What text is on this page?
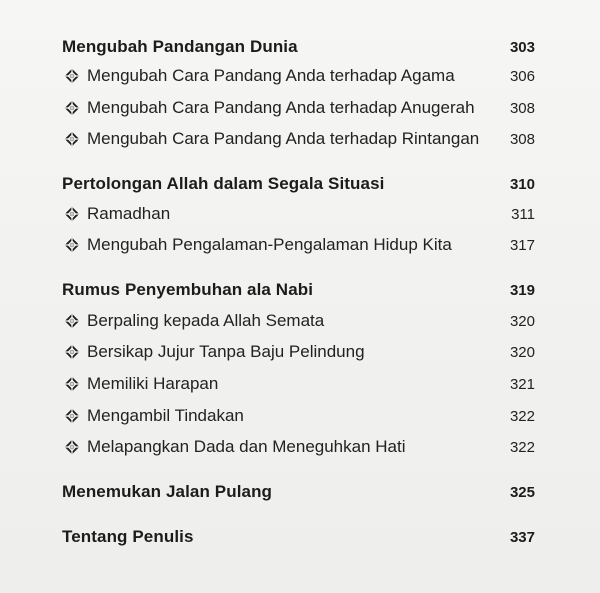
Mengubah Pandangan Dunia	303
Mengubah Cara Pandang Anda terhadap Agama	306
Mengubah Cara Pandang Anda terhadap Anugerah 308
Mengubah Cara Pandang Anda terhadap Rintangan 308
Pertolongan Allah dalam Segala Situasi	310
Ramadhan	311
Mengubah Pengalaman-Pengalaman Hidup Kita	317
Rumus Penyembuhan ala Nabi	319
Berpaling kepada Allah Semata	320
Bersikap Jujur Tanpa Baju Pelindung	320
Memiliki Harapan	321
Mengambil Tindakan	322
Melapangkan Dada dan Meneguhkan Hati	322
Menemukan Jalan Pulang	325
Tentang Penulis	337
